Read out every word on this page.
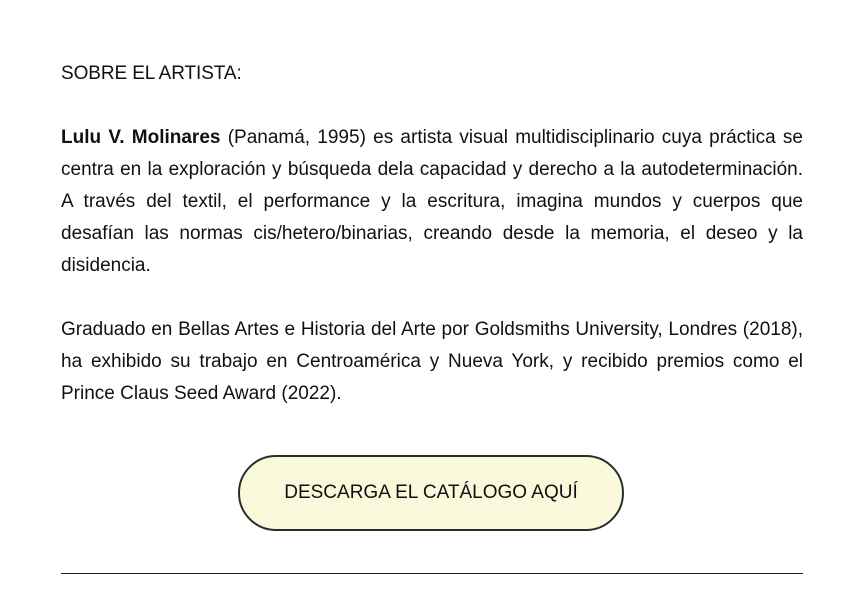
SOBRE EL ARTISTA:

Lulu V. Molinares (Panamá, 1995) es artista visual multidisciplinario cuya práctica se centra en la exploración y búsqueda dela capacidad y derecho a la autodeterminación. A través del textil, el performance y la escritura, imagina mundos y cuerpos que desafían las normas cis/hetero/binarias, creando desde la memoria, el deseo y la disidencia.

Graduado en Bellas Artes e Historia del Arte por Goldsmiths University, Londres (2018), ha exhibido su trabajo en Centroamérica y Nueva York, y recibido premios como el Prince Claus Seed Award (2022).

DESCARGA EL CATÁLOGO AQUÍ
